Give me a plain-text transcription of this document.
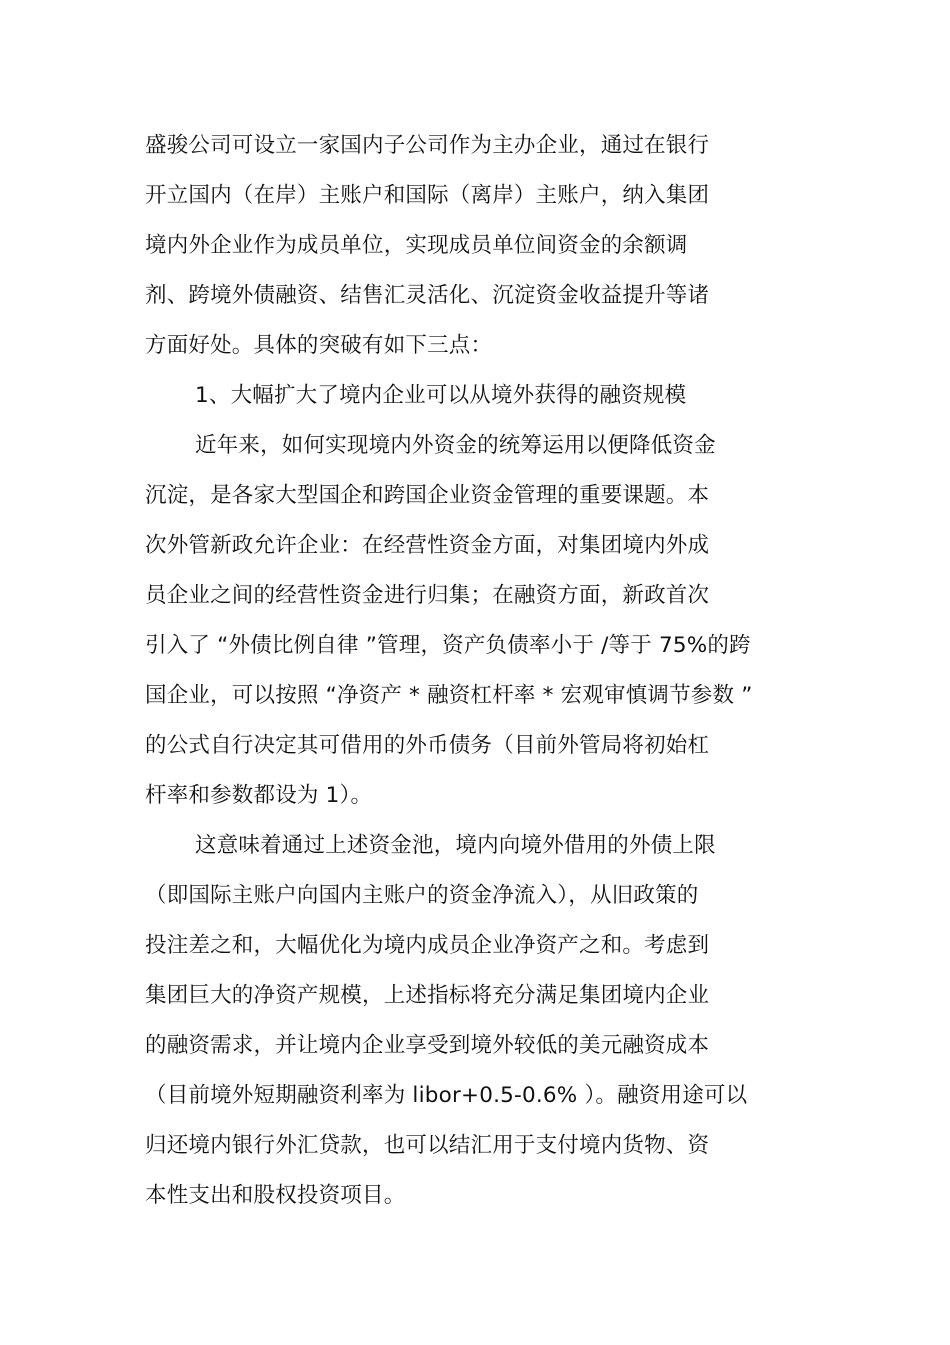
盛骏公司可设立一家国内子公司作为主办企业，通过在银行
开立国内（在岸）主账户和国际（离岸）主账户，纳入集团
境内外企业作为成员单位，实现成员单位间资金的余额调
剂、跨境外债融资、结售汇灵活化、沉淀资金收益提升等诸
方面好处。具体的突破有如下三点：
1、大幅扩大了境内企业可以从境外获得的融资规模
近年来，如何实现境内外资金的统筹运用以便降低资金
沉淀，是各家大型国企和跨国企业资金管理的重要课题。本
次外管新政允许企业：在经营性资金方面，对集团境内外成
员企业之间的经营性资金进行归集；在融资方面，新政首次
引入了 “外债比例自律 ”管理，资产负债率小于 /等于 75%的跨
国企业，可以按照 “净资产 * 融资杠杆率 * 宏观审慎调节参数 ”
的公式自行决定其可借用的外币债务（目前外管局将初始杠
杆率和参数都设为 1）。
这意味着通过上述资金池，境内向境外借用的外债上限
（即国际主账户向国内主账户的资金净流入），从旧政策的
投注差之和，大幅优化为境内成员企业净资产之和。考虑到
集团巨大的净资产规模，上述指标将充分满足集团境内企业
的融资需求，并让境内企业享受到境外较低的美元融资成本
（目前境外短期融资利率为 libor+0.5-0.6% ）。融资用途可以
归还境内银行外汇贷款，也可以结汇用于支付境内货物、资
本性支出和股权投资项目。
